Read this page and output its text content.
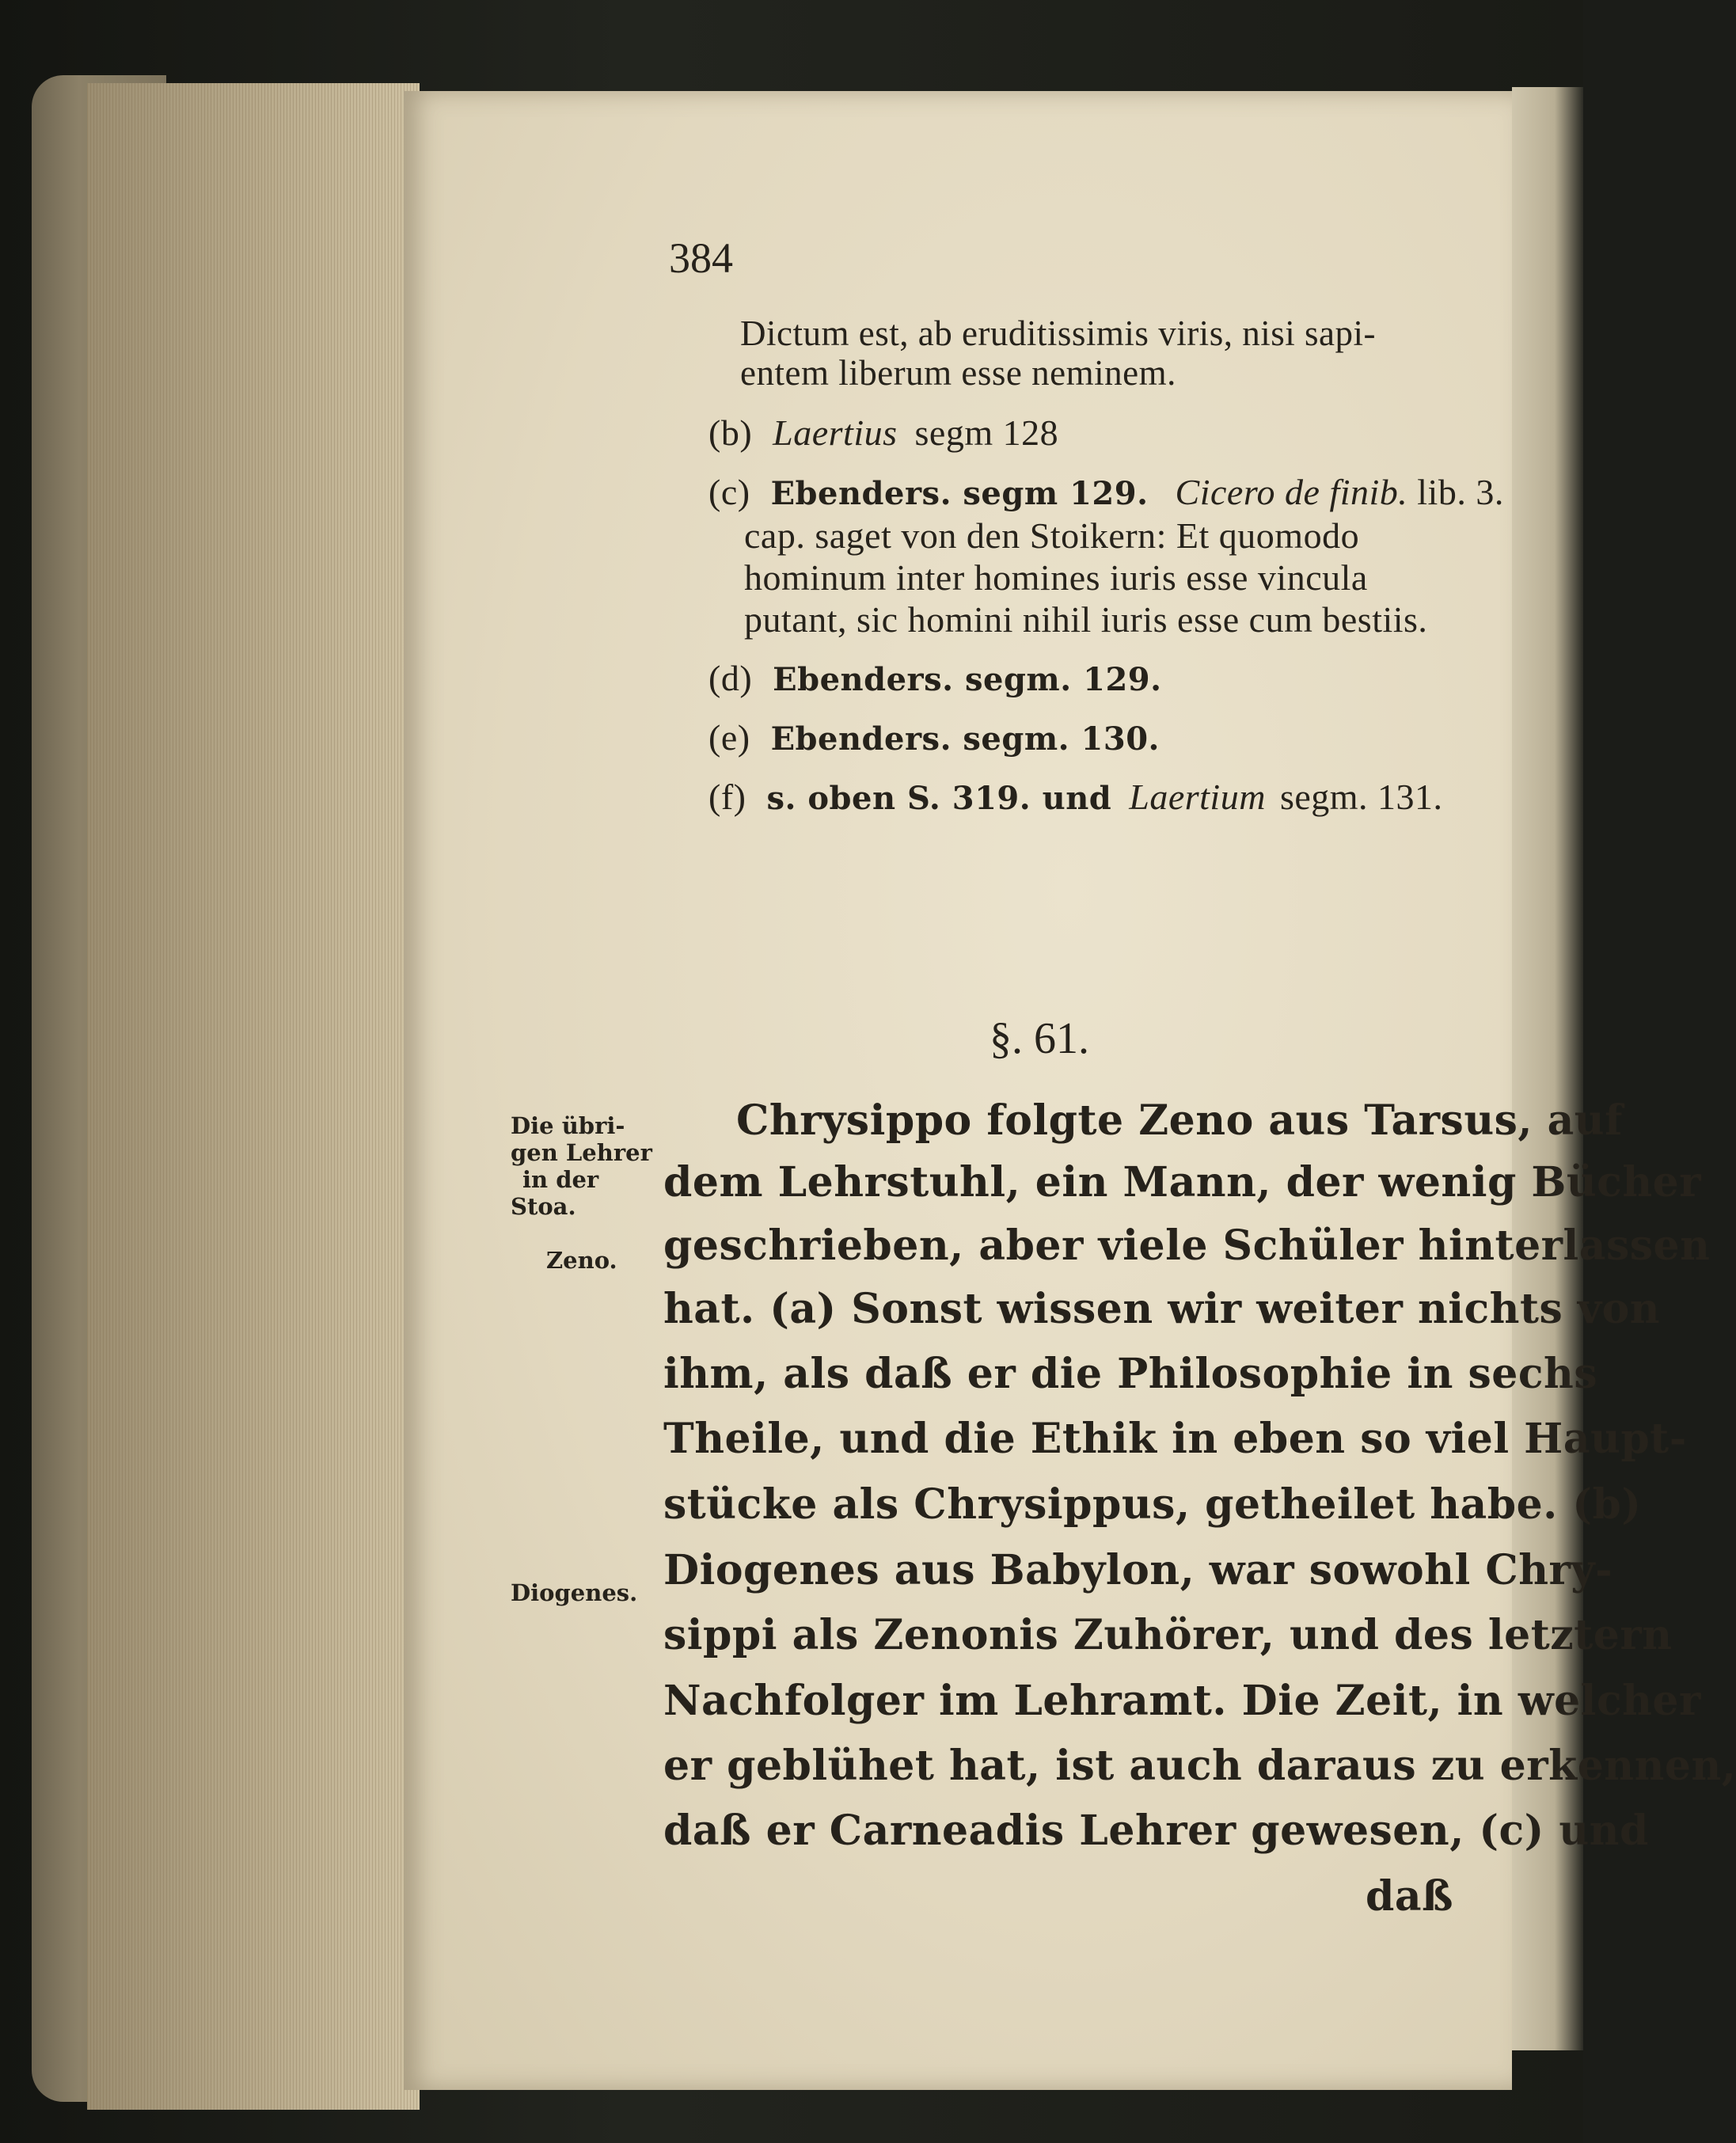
384
Dictum est, ab eruditissimis viris, nisi sapi-
entem liberum esse neminem.
(b) Laertius segm 128
(c) Ebenders. segm 129. Cicero de finib. lib. 3.
cap. saget von den Stoikern: Et quomodo
hominum inter homines iuris esse vincula
putant, sic homini nihil iuris esse cum bestiis.
(d) Ebenders. segm. 129.
(e) Ebenders. segm. 130.
(f) s. oben S. 319. und Laertium segm. 131.
§. 61.
Die übri-
gen Lehrer
in der
Stoa.
Zeno.
Diogenes.
Chrysippo folgte Zeno aus Tarsus, auf
dem Lehrstuhl, ein Mann, der wenig Bücher
geschrieben, aber viele Schüler hinterlassen
hat. (a) Sonst wissen wir weiter nichts von
ihm, als daß er die Philosophie in sechs
Theile, und die Ethik in eben so viel Haupt-
stücke als Chrysippus, getheilet habe. (b)
Diogenes aus Babylon, war sowohl Chry-
sippi als Zenonis Zuhörer, und des letztern
Nachfolger im Lehramt. Die Zeit, in welcher
er geblühet hat, ist auch daraus zu erkennen,
daß er Carneadis Lehrer gewesen, (c) und
daß
